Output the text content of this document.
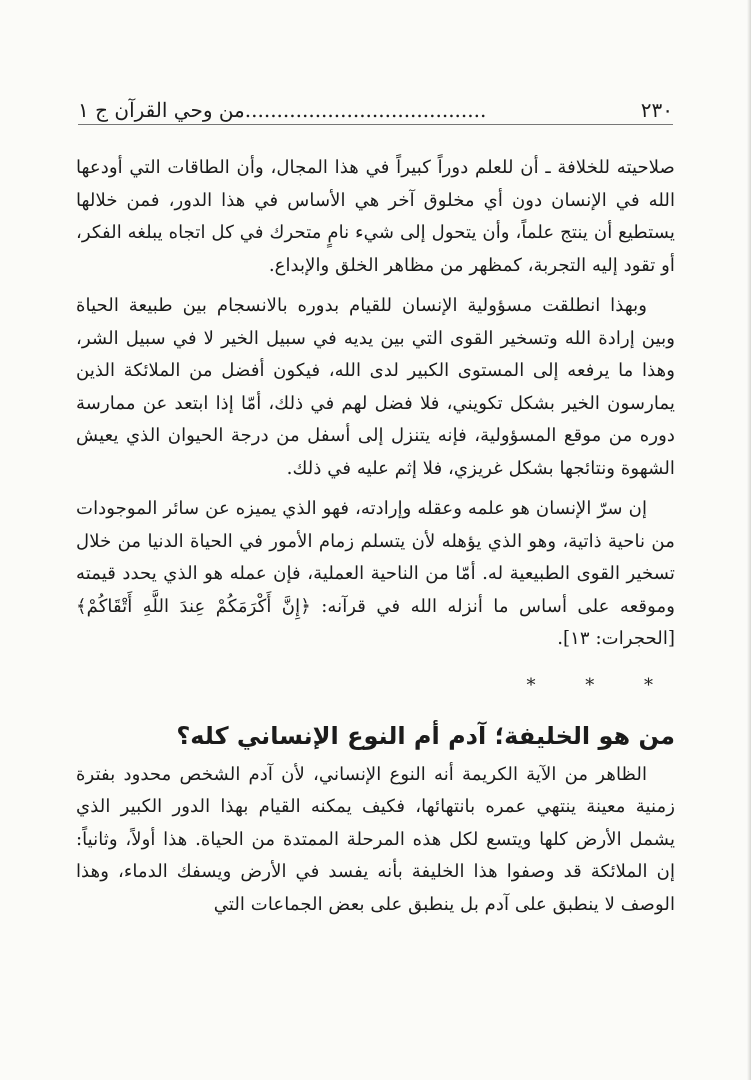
٢٣٠
......................................من وحي القرآن ج ١

صلاحيته للخلافة ـ أن للعلم دوراً كبيراً في هذا المجال، وأن الطاقات التي أودعها الله في الإنسان دون أي مخلوق آخر هي الأساس في هذا الدور، فمن خلالها يستطيع أن ينتج علماً، وأن يتحول إلى شيء نامٍ متحرك في كل اتجاه يبلغه الفكر، أو تقود إليه التجربة، كمظهر من مظاهر الخلق والإبداع.

وبهذا انطلقت مسؤولية الإنسان للقيام بدوره بالانسجام بين طبيعة الحياة وبين إرادة الله وتسخير القوى التي بين يديه في سبيل الخير لا في سبيل الشر، وهذا ما يرفعه إلى المستوى الكبير لدى الله، فيكون أفضل من الملائكة الذين يمارسون الخير بشكل تكويني، فلا فضل لهم في ذلك، أمّا إذا ابتعد عن ممارسة دوره من موقع المسؤولية، فإنه يتنزل إلى أسفل من درجة الحيوان الذي يعيش الشهوة ونتائجها بشكل غريزي، فلا إثم عليه في ذلك.

إن سرّ الإنسان هو علمه وعقله وإرادته، فهو الذي يميزه عن سائر الموجودات من ناحية ذاتية، وهو الذي يؤهله لأن يتسلم زمام الأمور في الحياة الدنيا من خلال تسخير القوى الطبيعية له. أمّا من الناحية العملية، فإن عمله هو الذي يحدد قيمته وموقعه على أساس ما أنزله الله في قرآنه: ﴿إِنَّ أَكْرَمَكُمْ عِندَ اللَّهِ أَتْقَاكُمْ﴾ [الحجرات: ١٣].

* * *
من هو الخليفة؛ آدم أم النوع الإنساني كله؟

الظاهر من الآية الكريمة أنه النوع الإنساني، لأن آدم الشخص محدود بفترة زمنية معينة ينتهي عمره بانتهائها، فكيف يمكنه القيام بهذا الدور الكبير الذي يشمل الأرض كلها ويتسع لكل هذه المرحلة الممتدة من الحياة. هذا أولاً، وثانياً: إن الملائكة قد وصفوا هذا الخليفة بأنه يفسد في الأرض ويسفك الدماء، وهذا الوصف لا ينطبق على آدم بل ينطبق على بعض الجماعات التي
